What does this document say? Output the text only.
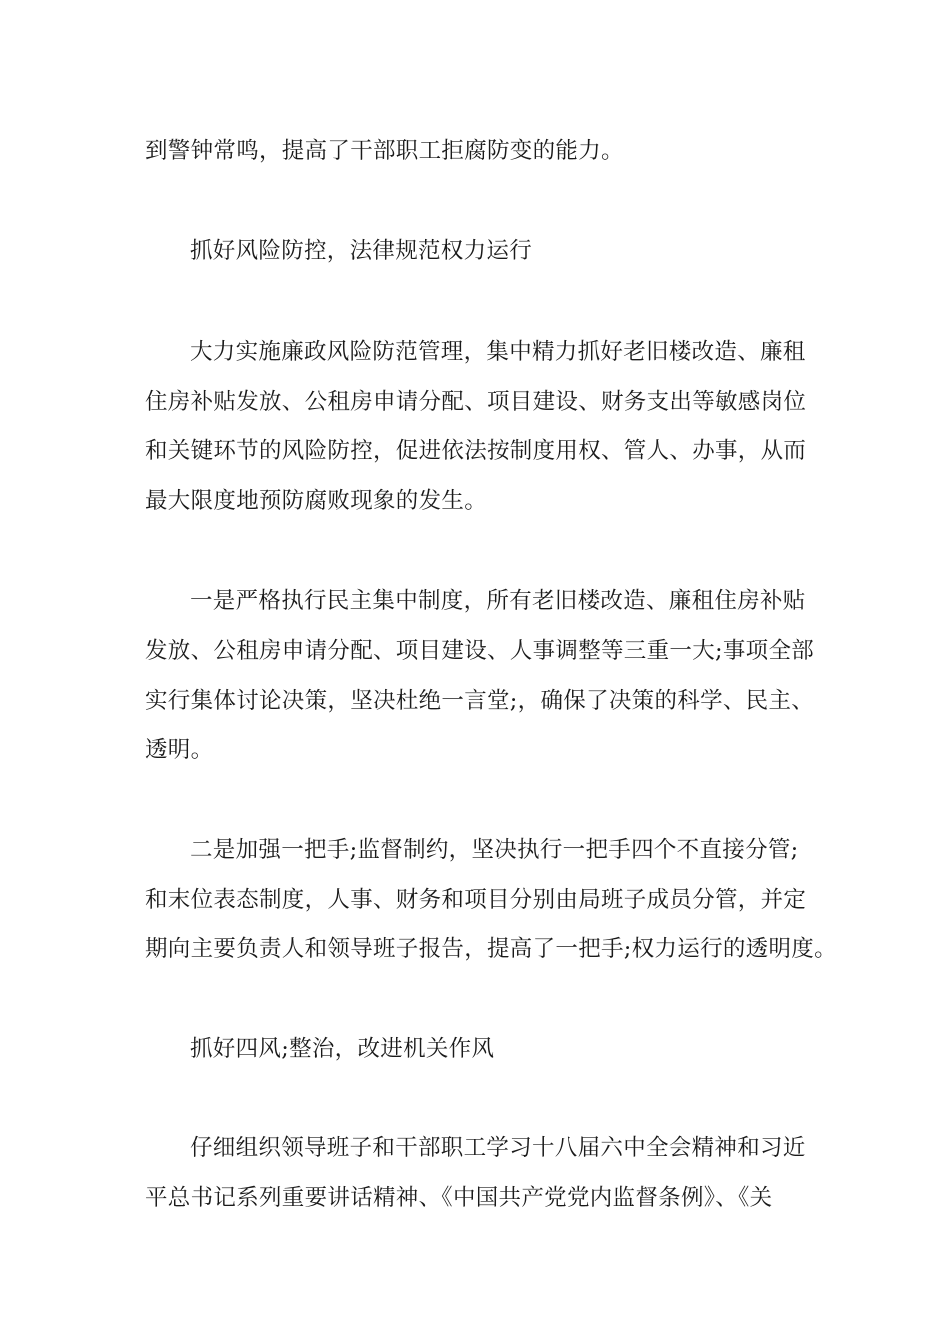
到警钟常鸣，提高了干部职工拒腐防变的能力。
抓好风险防控，法律规范权力运行
大力实施廉政风险防范管理，集中精力抓好老旧楼改造、廉租
住房补贴发放、公租房申请分配、项目建设、财务支出等敏感岗位
和关键环节的风险防控，促进依法按制度用权、管人、办事，从而
最大限度地预防腐败现象的发生。
一是严格执行民主集中制度，所有老旧楼改造、廉租住房补贴
发放、公租房申请分配、项目建设、人事调整等三重一大;事项全部
实行集体讨论决策，坚决杜绝一言堂;，确保了决策的科学、民主、
透明。
二是加强一把手;监督制约，坚决执行一把手四个不直接分管;
和末位表态制度，人事、财务和项目分别由局班子成员分管，并定
期向主要负责人和领导班子报告，提高了一把手;权力运行的透明度。
抓好四风;整治，改进机关作风
仔细组织领导班子和干部职工学习十八届六中全会精神和习近
平总书记系列重要讲话精神、《中国共产党党内监督条例》、《关
